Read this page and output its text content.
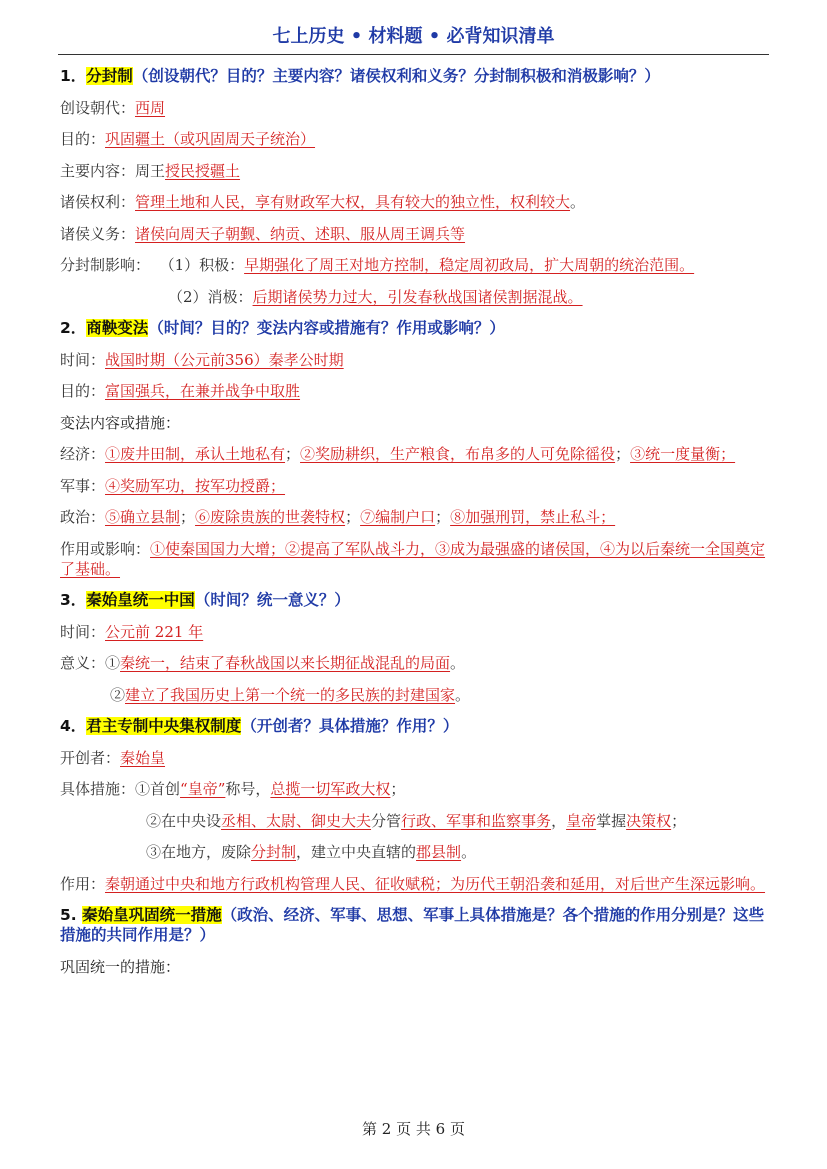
七上历史 • 材料题 • 必背知识清单
1．分封制（创设朝代？目的？主要内容？诸侯权利和义务？分封制积极和消极影响？）
创设朝代：西周
目的：巩固疆土（或巩固周天子统治）
主要内容：周王授民授疆土
诸侯权利：管理土地和人民，享有财政军大权，具有较大的独立性，权利较大。
诸侯义务：诸侯向周天子朝觐、纳贡、述职、服从周王调兵等
分封制影响： （1）积极：早期强化了周王对地方控制，稳定周初政局，扩大周朝的统治范围。
（2）消极：后期诸侯势力过大，引发春秋战国诸侯割据混战。
2．商鞅变法（时间？目的？变法内容或措施有？作用或影响？）
时间：战国时期（公元前356）秦孝公时期
目的：富国强兵，在兼并战争中取胜
变法内容或措施：
经济：①废井田制，承认土地私有；②奖励耕织，生产粮食，布帛多的人可免除徭役；③统一度量衡；
军事：④奖励军功，按军功授爵；
政治：⑤确立县制；⑥废除贵族的世袭特权；⑦编制户口；⑧加强刑罚，禁止私斗；
作用或影响：①使秦国国力大增；②提高了军队战斗力，③成为最强盛的诸侯国，④为以后秦统一全国奠定了基础。
3．秦始皇统一中国（时间？统一意义？）
时间：公元前 221 年
意义：①秦统一，结束了春秋战国以来长期征战混乱的局面。
②建立了我国历史上第一个统一的多民族的封建国家。
4．君主专制中央集权制度（开创者？具体措施？作用？）
开创者：秦始皇
具体措施：①首创“皇帝”称号，总揽一切军政大权；
②在中央设丞相、太尉、御史大夫分管行政、军事和监察事务，皇帝掌握决策权；
③在地方，废除分封制，建立中央直辖的郡县制。
作用：秦朝通过中央和地方行政机构管理人民、征收赋税；为历代王朝沿袭和延用，对后世产生深远影响。
5. 秦始皇巩固统一措施（政治、经济、军事、思想、军事上具体措施是？各个措施的作用分别是？这些措施的共同作用是？）
巩固统一的措施：
第 2 页 共 6 页
